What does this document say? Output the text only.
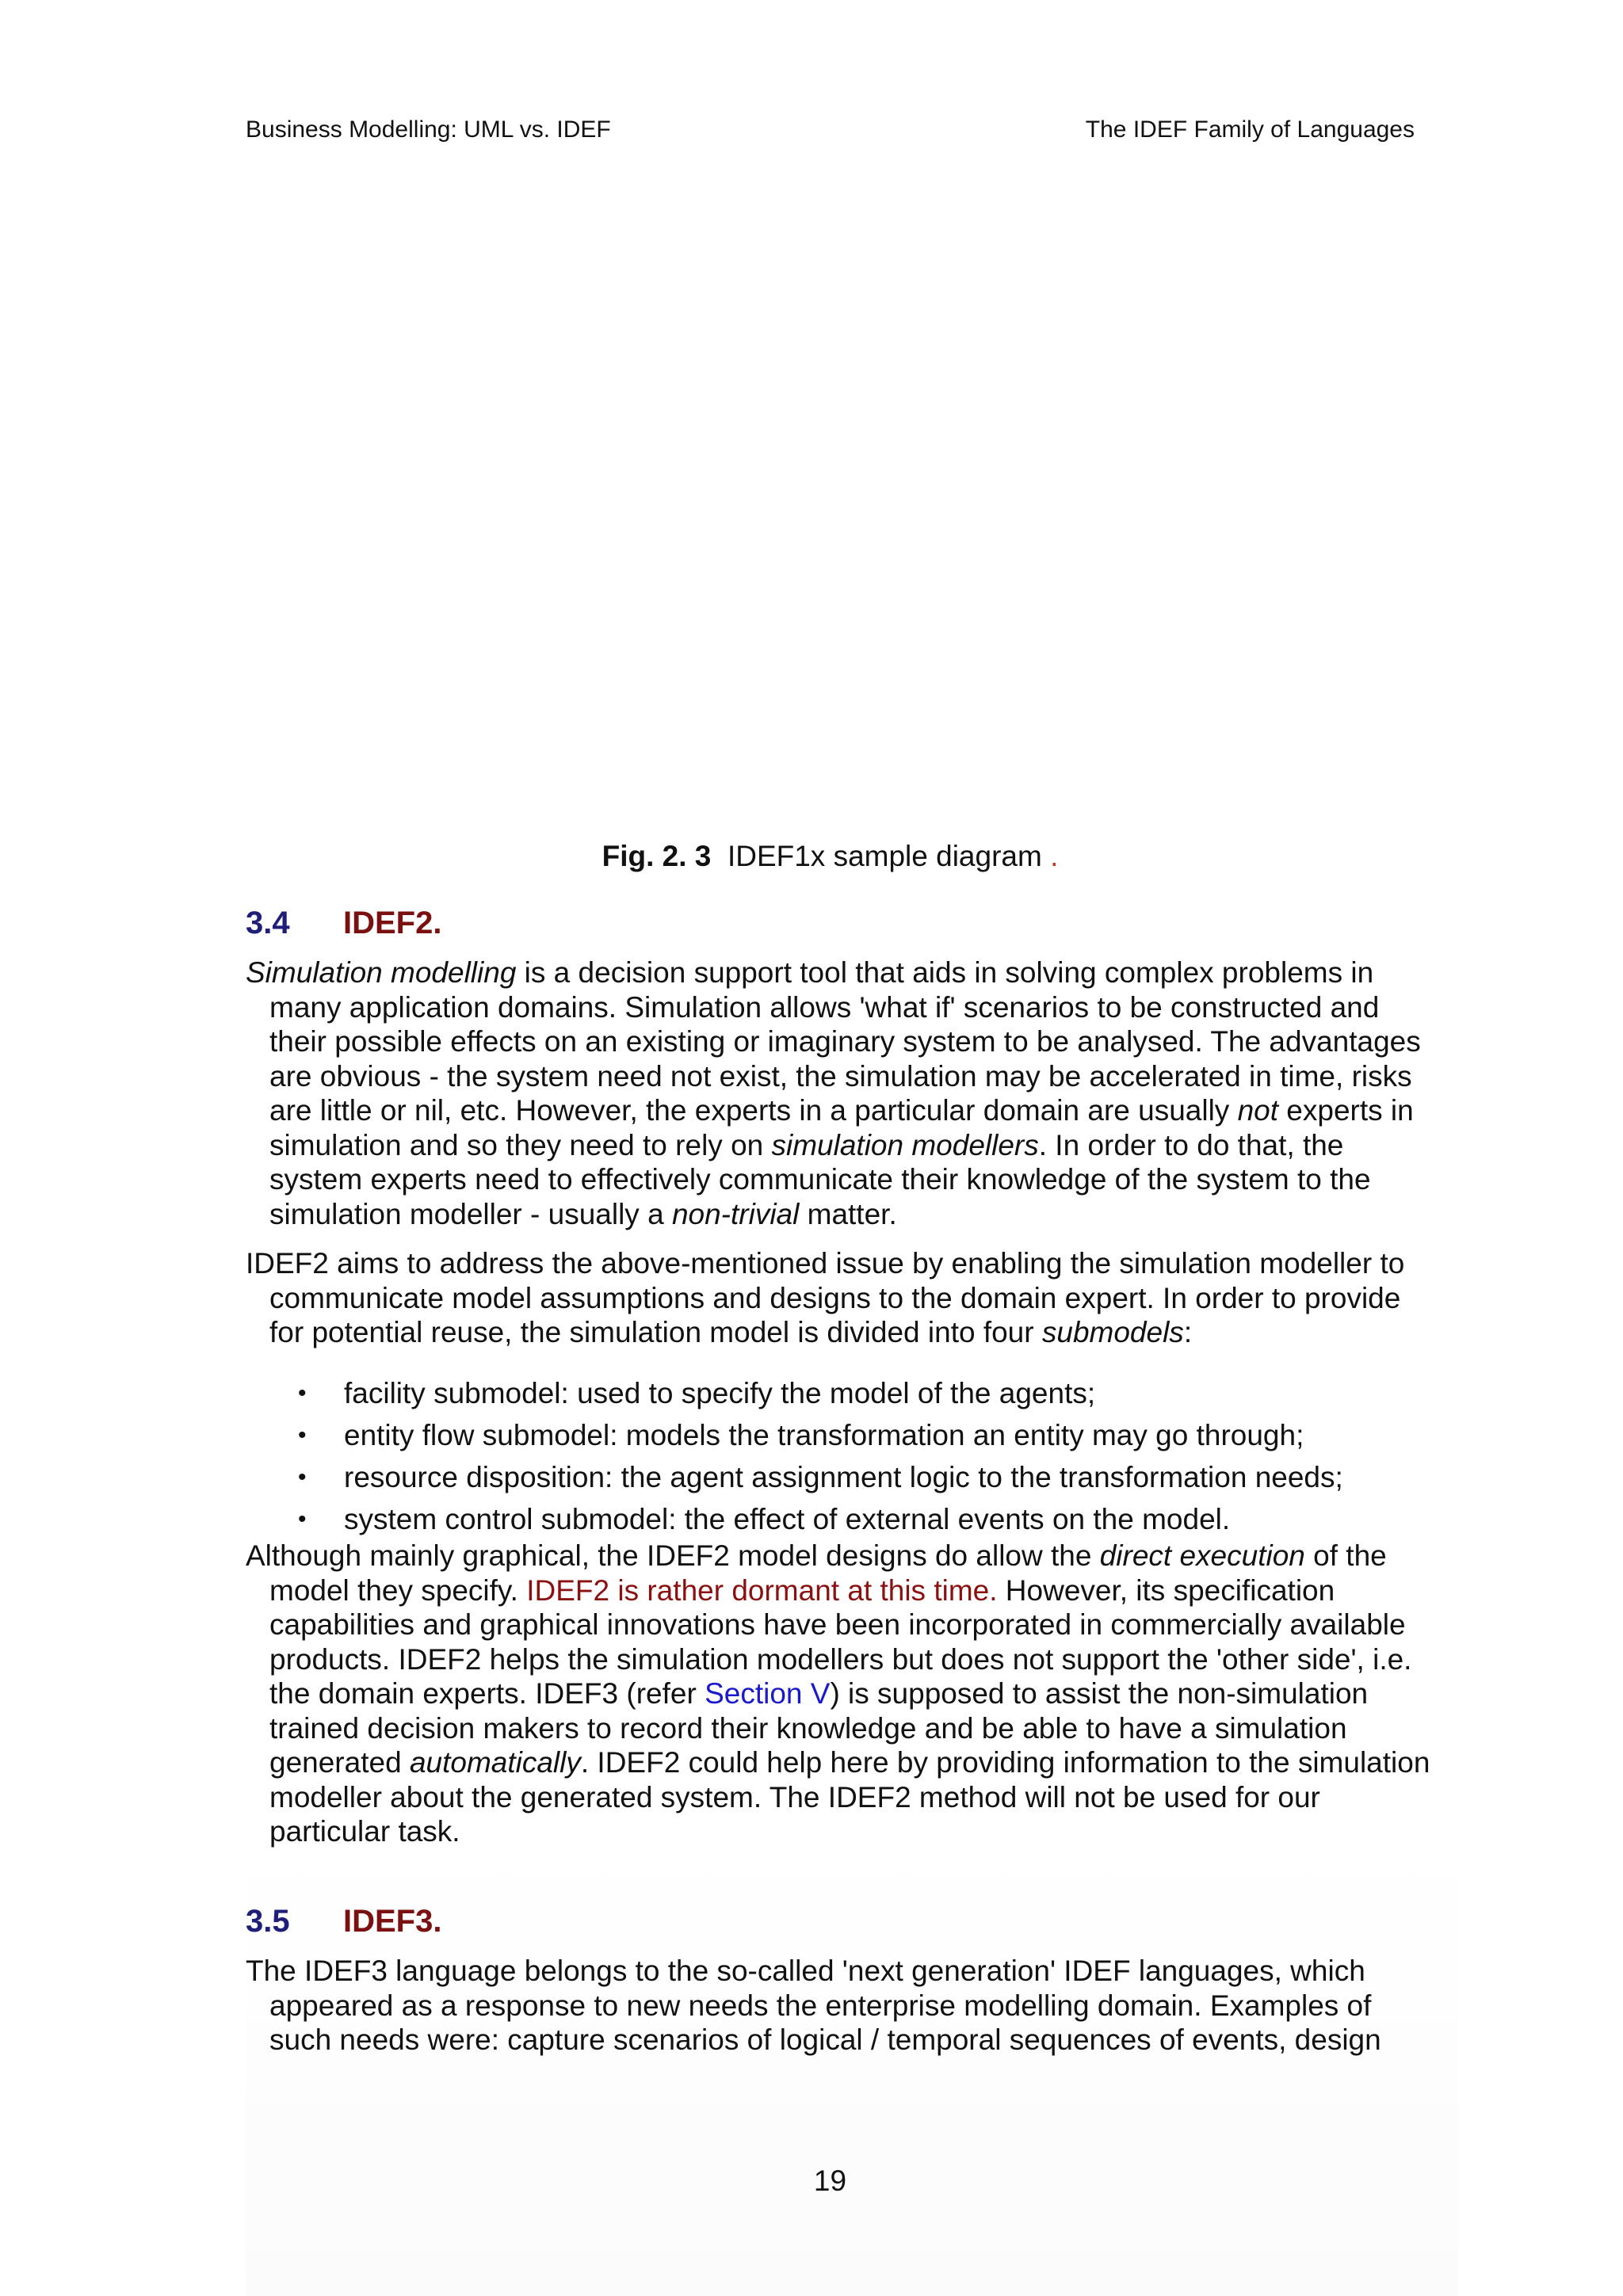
Business Modelling: UML vs. IDEF	The IDEF Family of Languages
Fig. 2. 3 IDEF1x sample diagram .
3.4 IDEF2.

Simulation modelling is a decision support tool that aids in solving complex problems in many application domains. Simulation allows 'what if' scenarios to be constructed and their possible effects on an existing or imaginary system to be analysed. The advantages are obvious - the system need not exist, the simulation may be accelerated in time, risks are little or nil, etc. However, the experts in a particular domain are usually not experts in simulation and so they need to rely on simulation modellers. In order to do that, the system experts need to effectively communicate their knowledge of the system to the simulation modeller - usually a non-trivial matter.

IDEF2 aims to address the above-mentioned issue by enabling the simulation modeller to communicate model assumptions and designs to the domain expert. In order to provide for potential reuse, the simulation model is divided into four submodels:

• facility submodel: used to specify the model of the agents;
• entity flow submodel: models the transformation an entity may go through;
• resource disposition: the agent assignment logic to the transformation needs;
• system control submodel: the effect of external events on the model.

Although mainly graphical, the IDEF2 model designs do allow the direct execution of the model they specify. IDEF2 is rather dormant at this time. However, its specification capabilities and graphical innovations have been incorporated in commercially available products. IDEF2 helps the simulation modellers but does not support the 'other side', i.e. the domain experts. IDEF3 (refer Section V) is supposed to assist the non-simulation trained decision makers to record their knowledge and be able to have a simulation generated automatically. IDEF2 could help here by providing information to the simulation modeller about the generated system. The IDEF2 method will not be used for our particular task.

3.5 IDEF3.

The IDEF3 language belongs to the so-called 'next generation' IDEF languages, which appeared as a response to new needs the enterprise modelling domain. Examples of such needs were: capture scenarios of logical / temporal sequences of events, design

19
